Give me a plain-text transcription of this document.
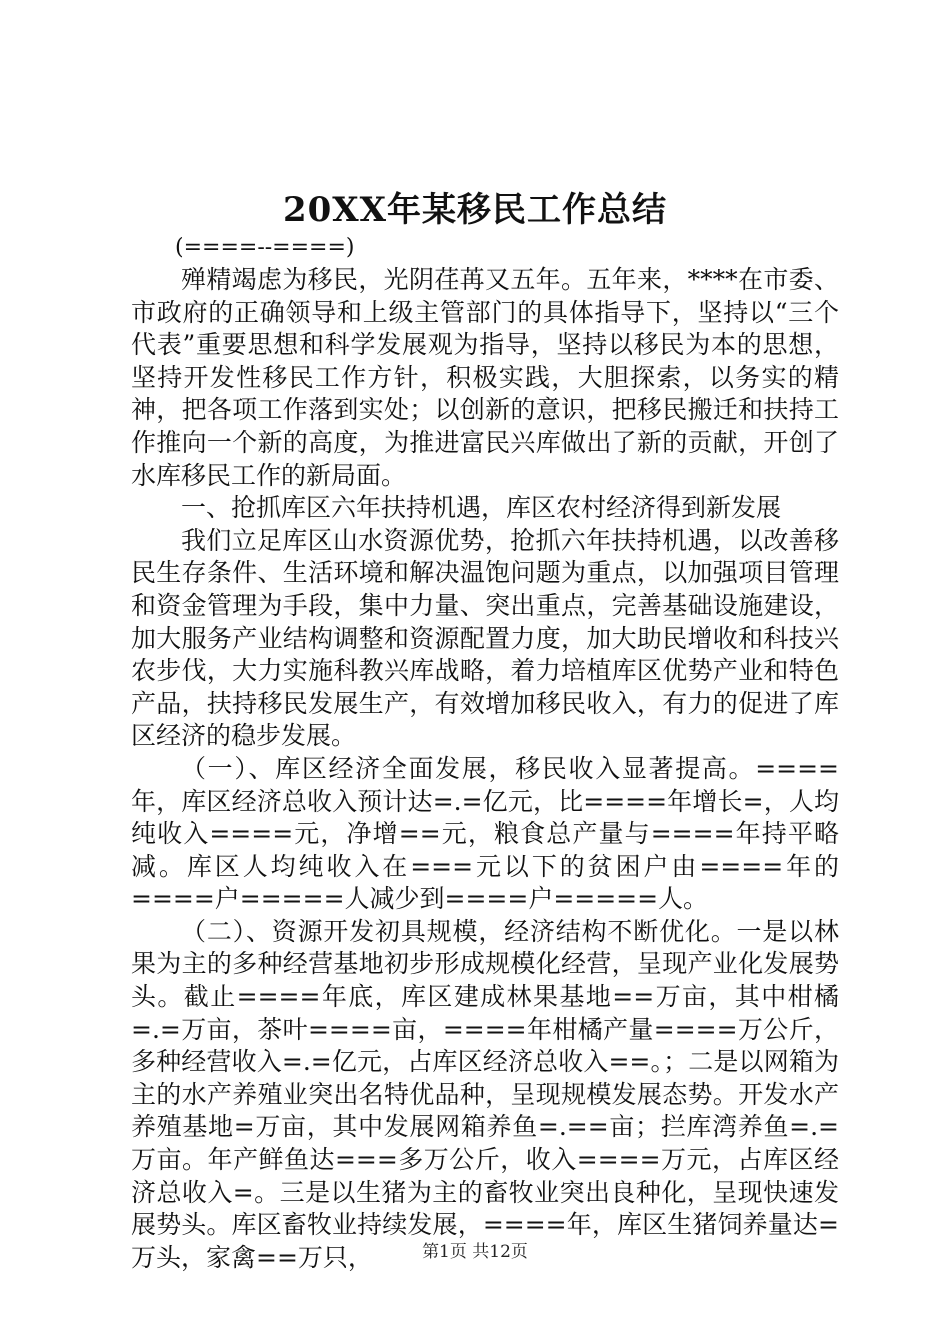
20XX年某移民工作总结

(====--====)

殚精竭虑为移民，光阴荏苒又五年。五年来，****在市委、市政府的正确领导和上级主管部门的具体指导下，坚持以“三个代表”重要思想和科学发展观为指导，坚持以移民为本的思想，坚持开发性移民工作方针，积极实践，大胆探索，以务实的精神，把各项工作落到实处；以创新的意识，把移民搬迁和扶持工作推向一个新的高度，为推进富民兴库做出了新的贡献，开创了水库移民工作的新局面。

一、抢抓库区六年扶持机遇，库区农村经济得到新发展

我们立足库区山水资源优势，抢抓六年扶持机遇，以改善移民生存条件、生活环境和解决温饱问题为重点，以加强项目管理和资金管理为手段，集中力量、突出重点，完善基础设施建设，加大服务产业结构调整和资源配置力度，加大助民增收和科技兴农步伐，大力实施科教兴库战略，着力培植库区优势产业和特色产品，扶持移民发展生产，有效增加移民收入，有力的促进了库区经济的稳步发展。

（一）、库区经济全面发展，移民收入显著提高。====年，库区经济总收入预计达=.=亿元，比====年增长=，人均纯收入====元，净增==元，粮食总产量与====年持平略减。库区人均纯收入在===元以下的贫困户由====年的====户=====人减少到====户=====人。

（二）、资源开发初具规模，经济结构不断优化。一是以林果为主的多种经营基地初步形成规模化经营，呈现产业化发展势头。截止====年底，库区建成林果基地==万亩，其中柑橘=.=万亩，茶叶====亩，====年柑橘产量====万公斤，多种经营收入=.=亿元，占库区经济总收入==。；二是以网箱为主的水产养殖业突出名特优品种，呈现规模发展态势。开发水产养殖基地=万亩，其中发展网箱养鱼=.==亩；拦库湾养鱼=.=万亩。年产鲜鱼达===多万公斤，收入====万元，占库区经济总收入=。三是以生猪为主的畜牧业突出良种化，呈现快速发展势头。库区畜牧业持续发展，====年，库区生猪饲养量达=万头，家禽==万只，	第1页 共12页
